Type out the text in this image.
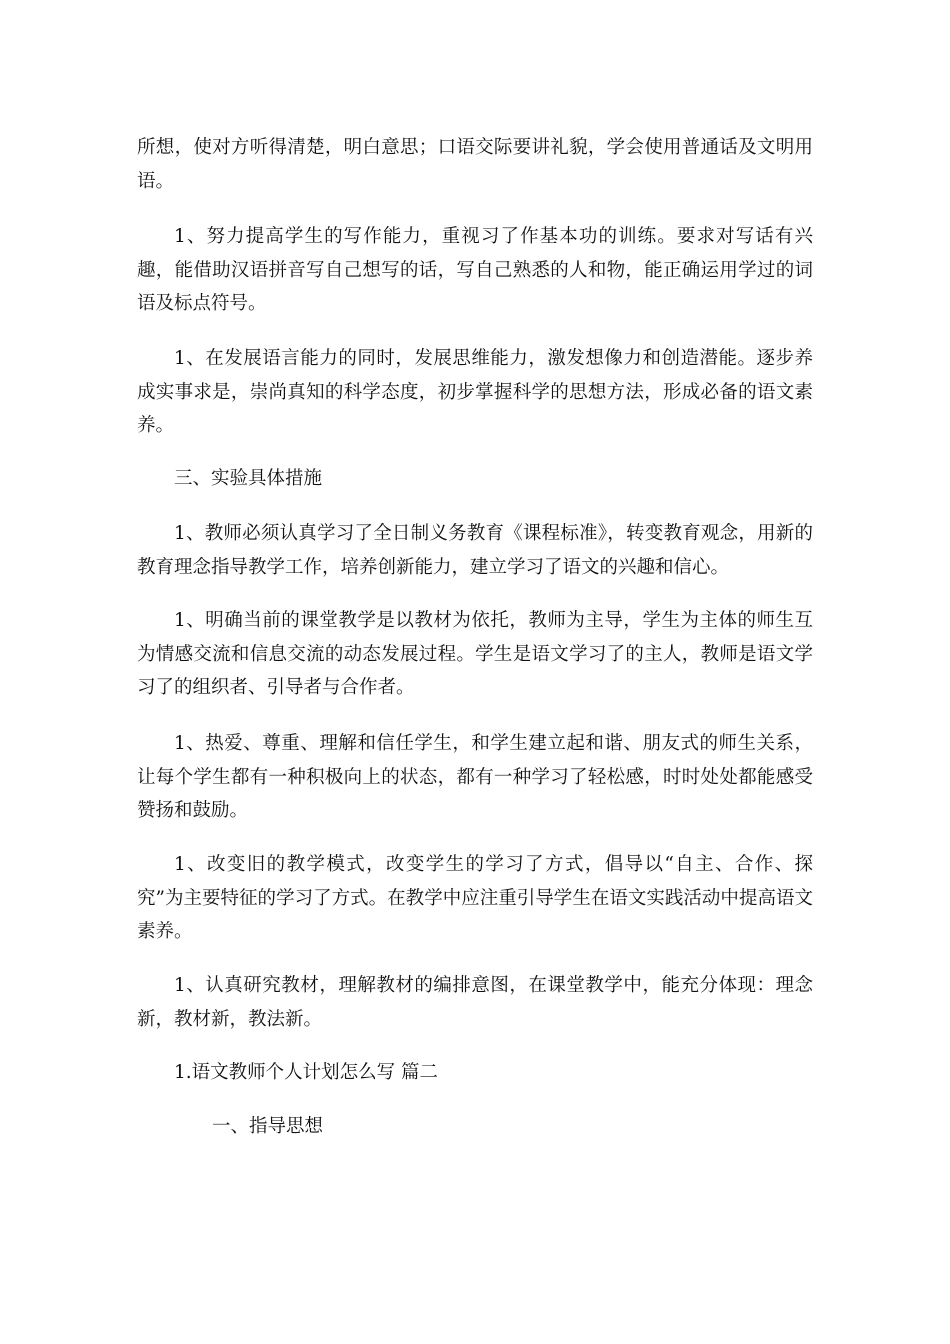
所想，使对方听得清楚，明白意思；口语交际要讲礼貌，学会使用普通话及文明用语。

1、努力提高学生的写作能力，重视习了作基本功的训练。要求对写话有兴趣，能借助汉语拼音写自己想写的话，写自己熟悉的人和物，能正确运用学过的词语及标点符号。

1、在发展语言能力的同时，发展思维能力，激发想像力和创造潜能。逐步养成实事求是，崇尚真知的科学态度，初步掌握科学的思想方法，形成必备的语文素养。

三、实验具体措施

1、教师必须认真学习了全日制义务教育《课程标准》，转变教育观念，用新的教育理念指导教学工作，培养创新能力，建立学习了语文的兴趣和信心。

1、明确当前的课堂教学是以教材为依托，教师为主导，学生为主体的师生互为情感交流和信息交流的动态发展过程。学生是语文学习了的主人，教师是语文学习了的组织者、引导者与合作者。

1、热爱、尊重、理解和信任学生，和学生建立起和谐、朋友式的师生关系，让每个学生都有一种积极向上的状态，都有一种学习了轻松感，时时处处都能感受赞扬和鼓励。

1、改变旧的教学模式，改变学生的学习了方式，倡导以“自主、合作、探究”为主要特征的学习了方式。在教学中应注重引导学生在语文实践活动中提高语文素养。

1、认真研究教材，理解教材的编排意图，在课堂教学中，能充分体现：理念新，教材新，教法新。

1.语文教师个人计划怎么写 篇二

一、指导思想
